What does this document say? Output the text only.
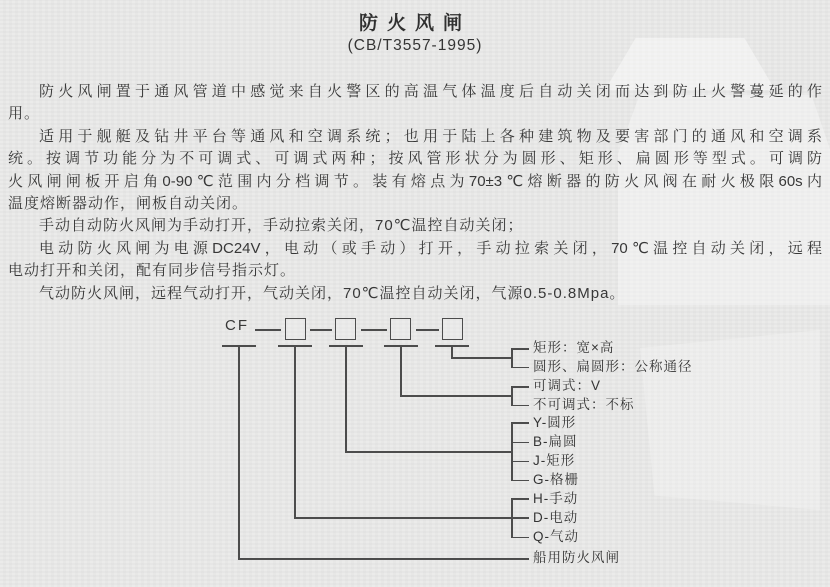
防火风闸
(CB/T3557-1995)
防火风闸置于通风管道中感觉来自火警区的高温气体温度后自动关闭而达到防止火警蔓延的作
用。
适用于舰艇及钻井平台等通风和空调系统；也用于陆上各种建筑物及要害部门的通风和空调系
统。按调节功能分为不可调式、可调式两种；按风管形状分为圆形、矩形、扁圆形等型式。可调防
火风闸闸板开启角0-90℃范围内分档调节。装有熔点为70±3℃熔断器的防火风阀在耐火极限60s内
温度熔断器动作，闸板自动关闭。
手动自动防火风闸为手动打开，手动拉索关闭，70℃温控自动关闭；
电动防火风闸为电源DC24V，电动（或手动）打开，手动拉索关闭，70℃温控自动关闭，远程
电动打开和关闭，配有同步信号指示灯。
气动防火风闸，远程气动打开，气动关闭，70℃温控自动关闭，气源0.5-0.8Mpa。
CF
矩形：宽×高
圆形、扁圆形：公称通径
可调式：V
不可调式：不标
Y-圆形
B-扁圆
J-矩形
G-格栅
H-手动
D-电动
Q-气动
船用防火风闸
